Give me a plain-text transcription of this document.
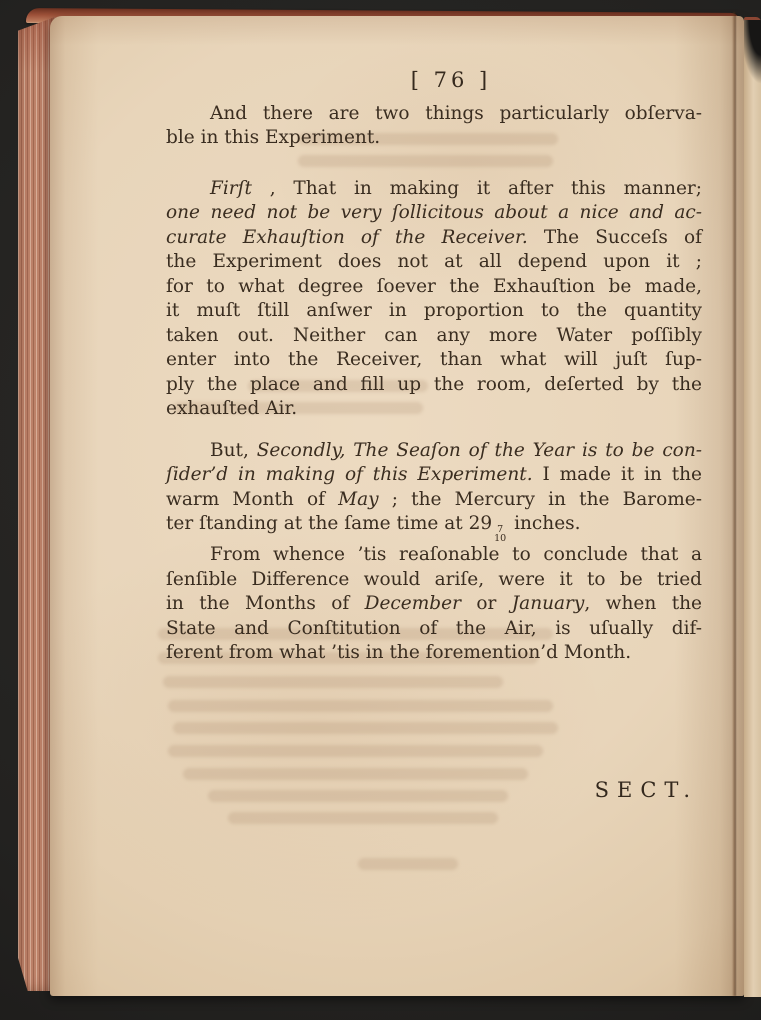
[ 76 ]
And there are two things particularly obſerva-
ble in this Experiment.
Firſt , That in making it after this manner;
one need not be very ſollicitous about a nice and ac-
curate Exhauſtion of the Receiver. The Succeſs of
the Experiment does not at all depend upon it ;
for to what degree ſoever the Exhauſtion be made,
it muſt ſtill anſwer in proportion to the quantity
taken out. Neither can any more Water poſſibly
enter into the Receiver, than what will juſt ſup-
ply the place and fill up the room, deſerted by the
exhauſted Air.
But, Secondly, The Seaſon of the Year is to be con-
ſider’d in making of this Experiment. I made it in the
warm Month of May ; the Mercury in the Barome-
ter ſtanding at the ſame time at 29 7
10
inches.
From whence ’tis reaſonable to conclude that a
ſenſible Difference would ariſe, were it to be tried
in the Months of December or January, when the
State and Conſtitution of the Air, is uſually dif-
ferent from what ’tis in the foremention’d Month.
SECT.
